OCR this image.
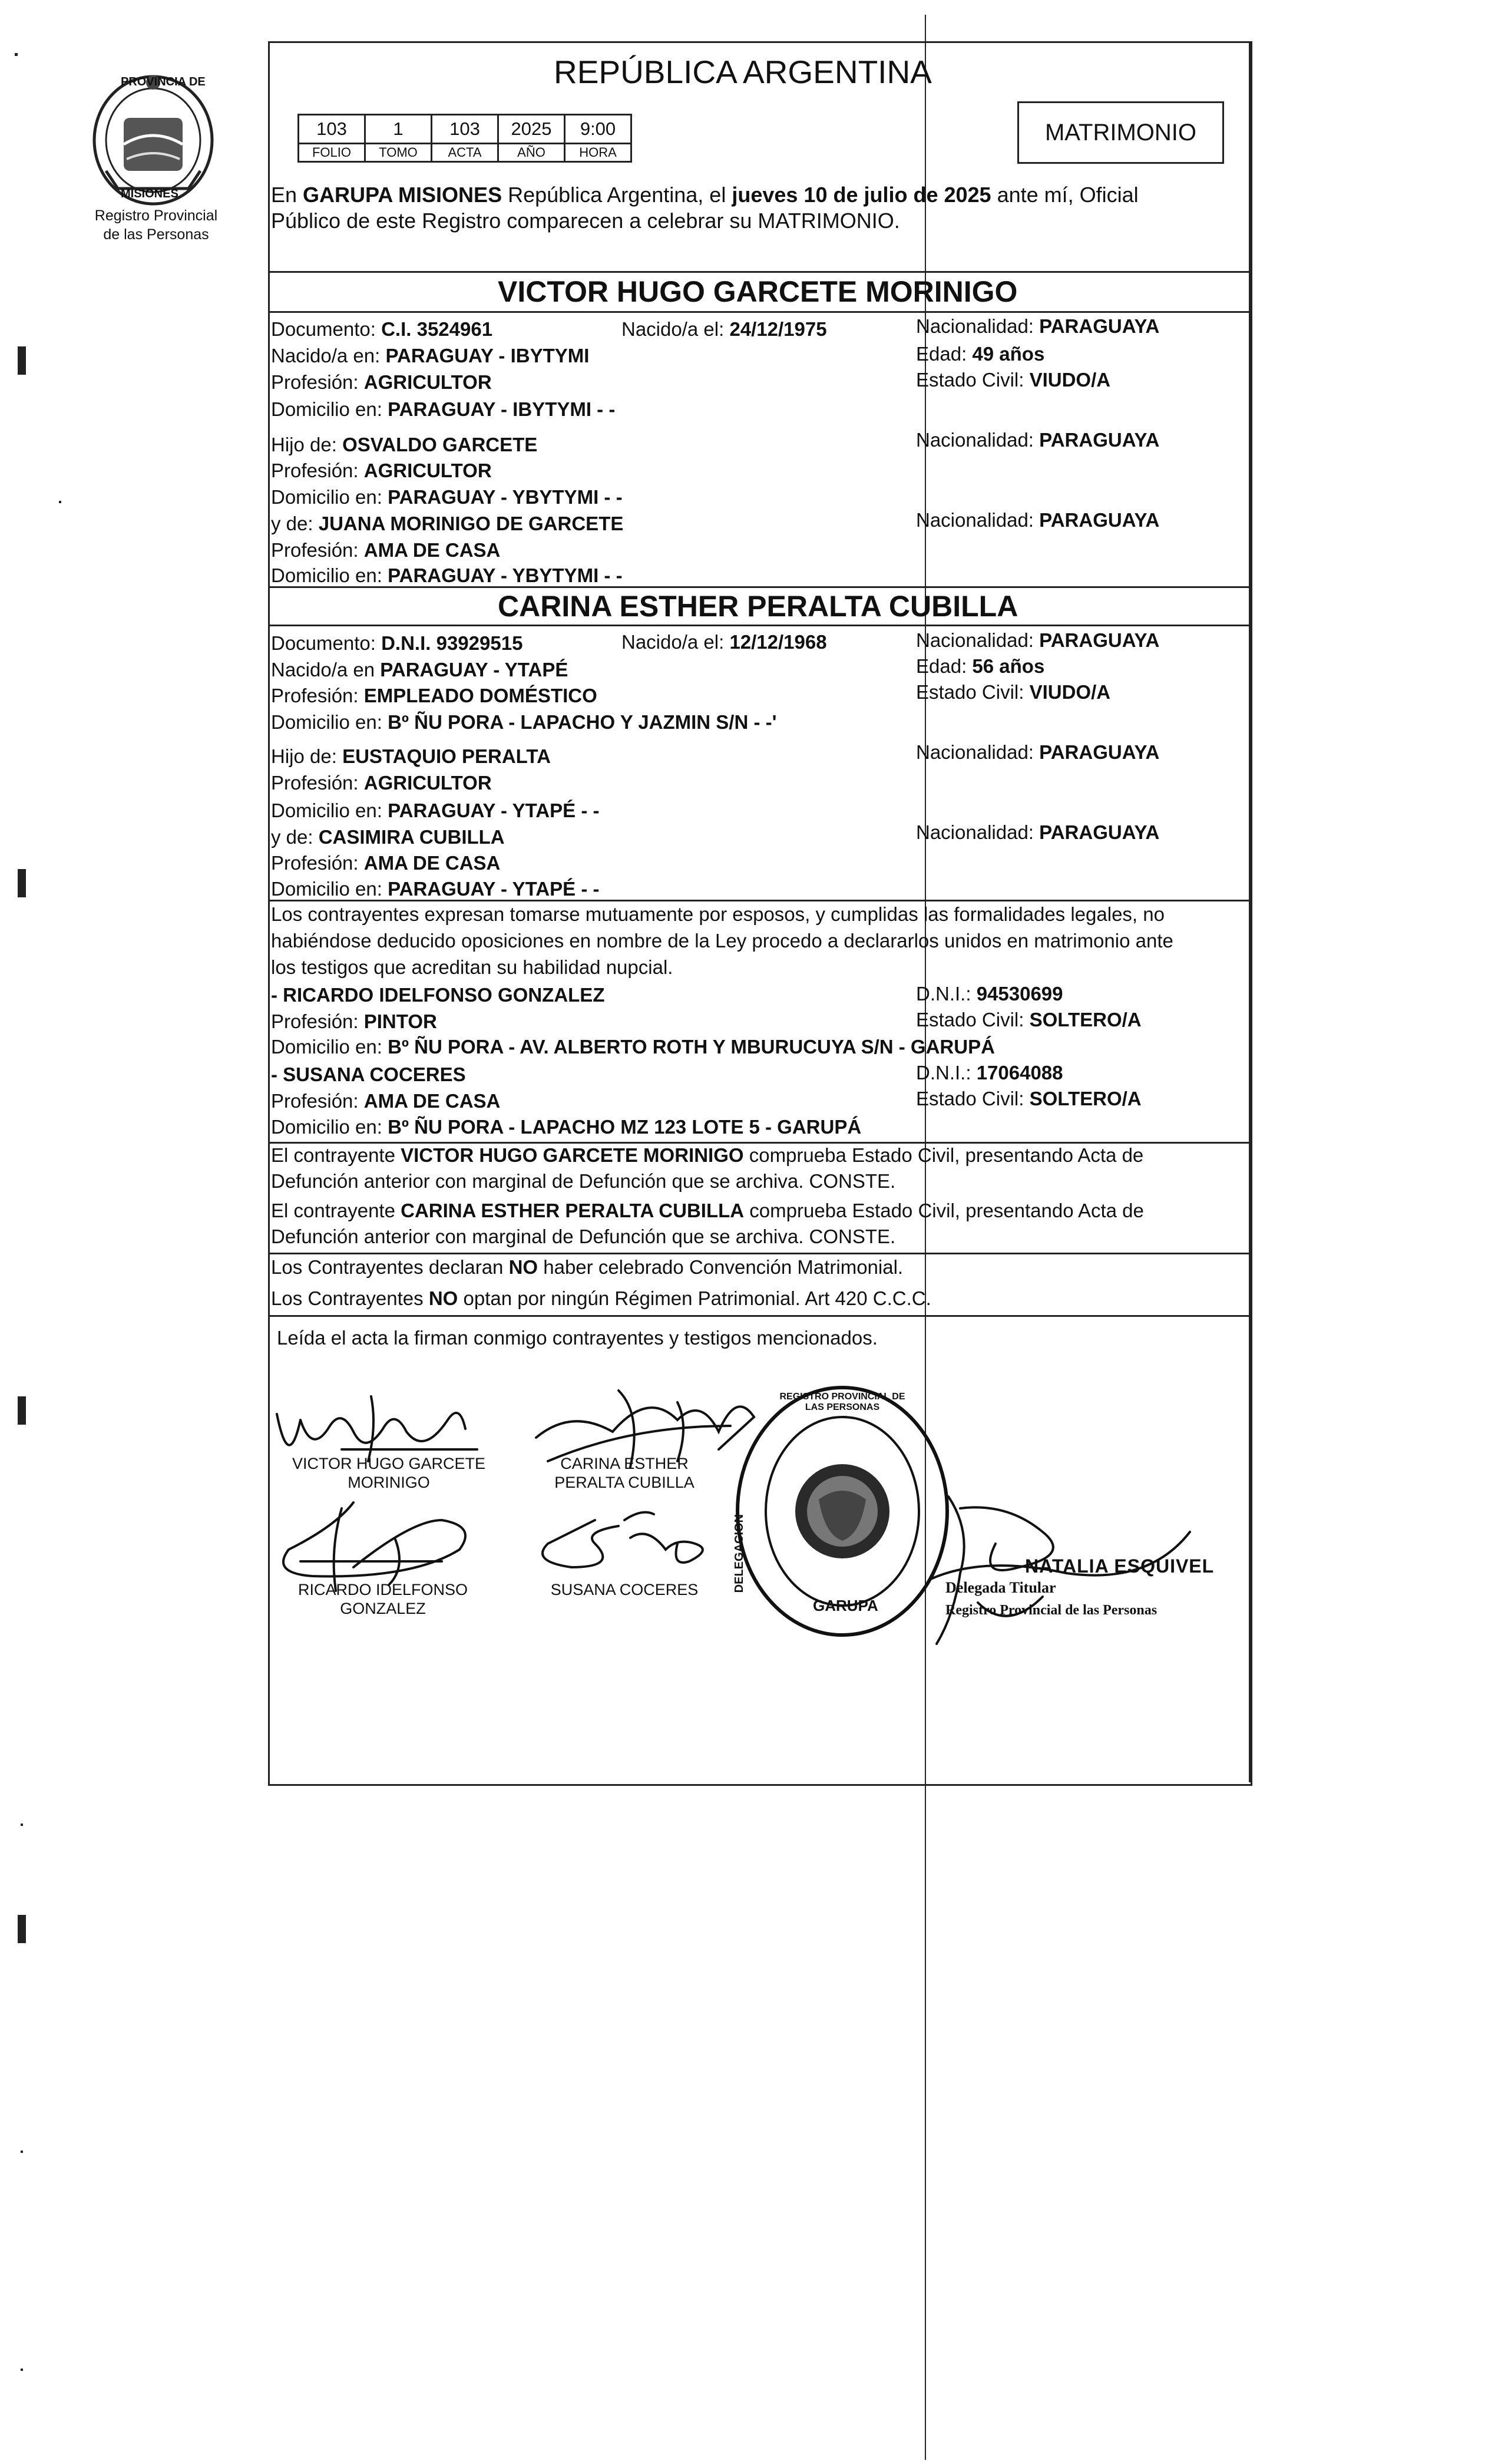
PROVINCIA DE
MISIONES
Registro Provincial
de las Personas
REPÚBLICA ARGENTINA
103	1	103	2025	9:00
FOLIO	TOMO	ACTA	AÑO	HORA
MATRIMONIO
En GARUPA MISIONES República Argentina, el jueves 10 de julio de 2025 ante mí, Oficial
Público de este Registro comparecen a celebrar su MATRIMONIO.
VICTOR HUGO GARCETE MORINIGO
Documento: C.I. 3524961	Nacido/a el: 24/12/1975	Nacionalidad: PARAGUAYA
Nacido/a en: PARAGUAY - IBYTYMI	Edad: 49 años
Profesión: AGRICULTOR	Estado Civil: VIUDO/A
Domicilio en: PARAGUAY - IBYTYMI - -
Hijo de: OSVALDO GARCETE	Nacionalidad: PARAGUAYA
Profesión: AGRICULTOR
Domicilio en: PARAGUAY - YBYTYMI - -
y de: JUANA MORINIGO DE GARCETE	Nacionalidad: PARAGUAYA
Profesión: AMA DE CASA
Domicilio en: PARAGUAY - YBYTYMI - -
CARINA ESTHER PERALTA CUBILLA
Documento: D.N.I. 93929515	Nacido/a el: 12/12/1968	Nacionalidad: PARAGUAYA
Nacido/a en PARAGUAY - YTAPÉ	Edad: 56 años
Profesión: EMPLEADO DOMÉSTICO	Estado Civil: VIUDO/A
Domicilio en: Bº ÑU PORA - LAPACHO Y JAZMIN S/N - -'
Hijo de: EUSTAQUIO PERALTA	Nacionalidad: PARAGUAYA
Profesión: AGRICULTOR
Domicilio en: PARAGUAY - YTAPÉ - -
y de: CASIMIRA CUBILLA	Nacionalidad: PARAGUAYA
Profesión: AMA DE CASA
Domicilio en: PARAGUAY - YTAPÉ - -
Los contrayentes expresan tomarse mutuamente por esposos, y cumplidas las formalidades legales, no
habiéndose deducido oposiciones en nombre de la Ley procedo a declararlos unidos en matrimonio ante
los testigos que acreditan su habilidad nupcial.
- RICARDO IDELFONSO GONZALEZ	D.N.I.: 94530699
Profesión: PINTOR	Estado Civil: SOLTERO/A
Domicilio en: Bº ÑU PORA - AV. ALBERTO ROTH Y MBURUCUYA S/N - GARUPÁ
- SUSANA COCERES	D.N.I.: 17064088
Profesión: AMA DE CASA	Estado Civil: SOLTERO/A
Domicilio en: Bº ÑU PORA - LAPACHO MZ 123 LOTE 5 - GARUPÁ
El contrayente VICTOR HUGO GARCETE MORINIGO comprueba Estado Civil, presentando Acta de
Defunción anterior con marginal de Defunción que se archiva. CONSTE.
El contrayente CARINA ESTHER PERALTA CUBILLA comprueba Estado Civil, presentando Acta de
Defunción anterior con marginal de Defunción que se archiva. CONSTE.
Los Contrayentes declaran NO haber celebrado Convención Matrimonial.
Los Contrayentes NO optan por ningún Régimen Patrimonial. Art 420 C.C.C.
Leída el acta la firman conmigo contrayentes y testigos mencionados.
VICTOR HUGO GARCETE
MORINIGO
CARINA ESTHER
PERALTA CUBILLA
RICARDO IDELFONSO
GONZALEZ
SUSANA COCERES
REGISTRO PROVINCIAL DE LAS PERSONAS
DELEGACION
GARUPA
NATALIA ESQUIVEL
Delegada Titular
Registro Provincial de las Personas
